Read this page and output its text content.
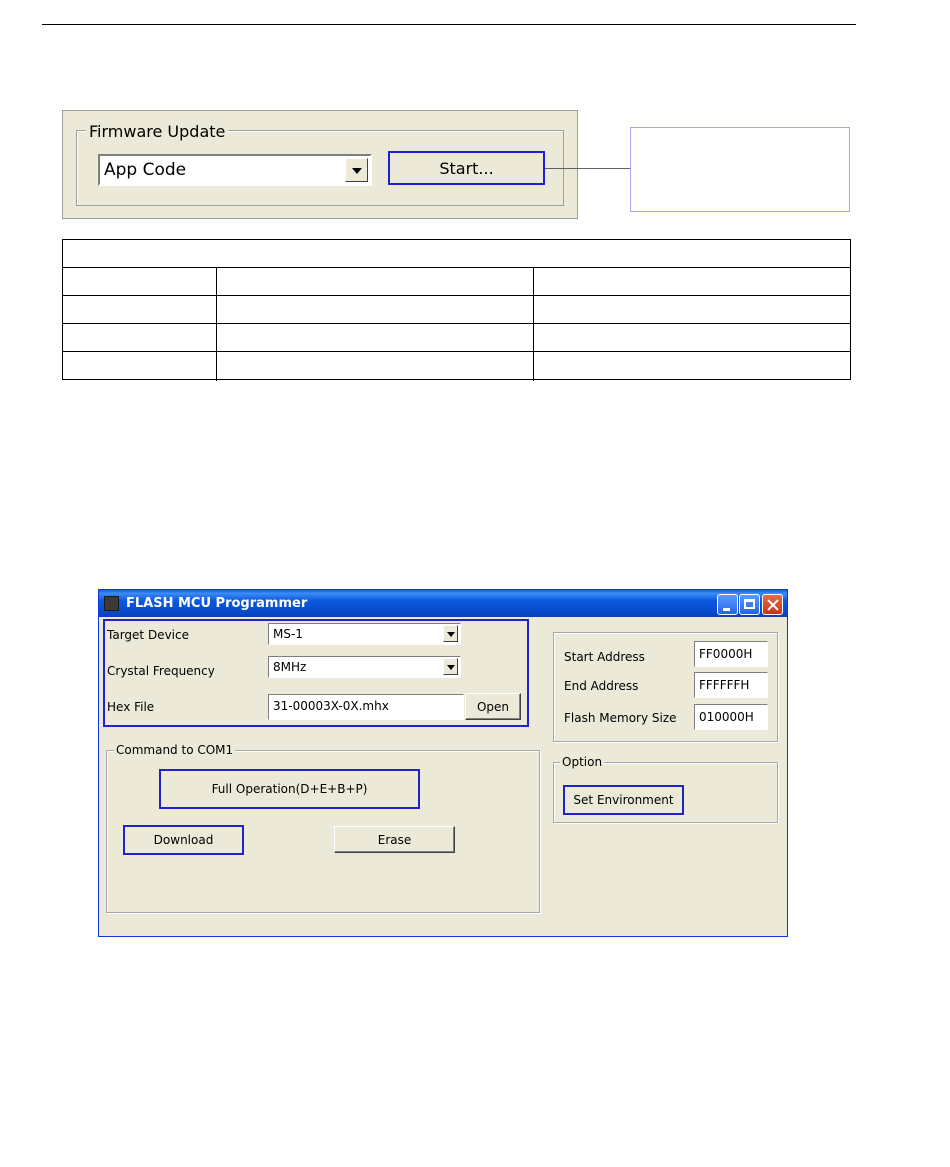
Firmware Update
App Code	Start...
FLASH MCU Programmer
Target Device	MS-1
Crystal Frequency	8MHz
Hex File	31-00003X-0X.mhx	Open
Start Address	FF0000H
End Address	FFFFFFH
Flash Memory Size	010000H
Command to COM1
Full Operation(D+E+B+P)
Download	Erase
Option
Set Environment
